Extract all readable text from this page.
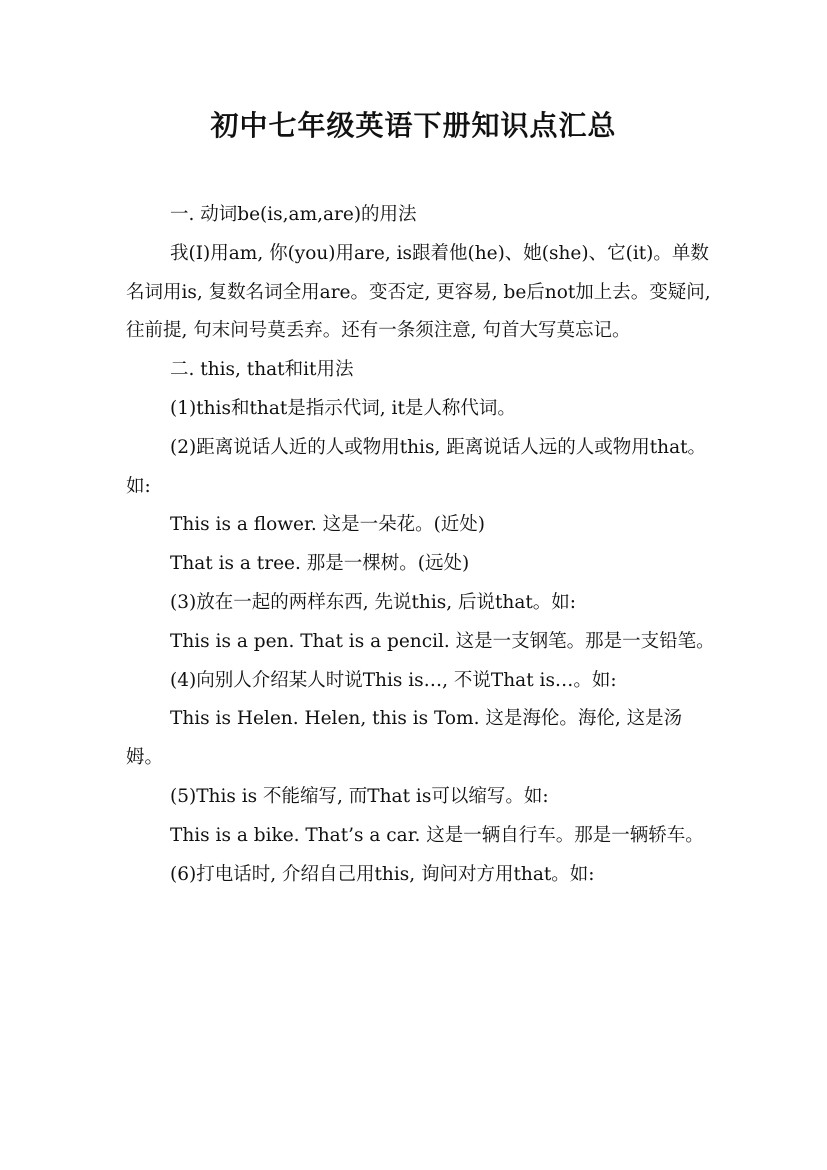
初中七年级英语下册知识点汇总

一. 动词be(is,am,are)的用法

我(I)用am, 你(you)用are, is跟着他(he)、她(she)、它(it)。单数名词用is, 复数名词全用are。变否定, 更容易, be后not加上去。变疑问, 往前提, 句末问号莫丢弃。还有一条须注意, 句首大写莫忘记。

二. this, that和it用法

(1)this和that是指示代词, it是人称代词。

(2)距离说话人近的人或物用this, 距离说话人远的人或物用that。如:

This is a flower. 这是一朵花。(近处)

That is a tree. 那是一棵树。(远处)

(3)放在一起的两样东西, 先说this, 后说that。如:

This is a pen. That is a pencil. 这是一支钢笔。那是一支铅笔。

(4)向别人介绍某人时说This is…, 不说That is…。如:

This is Helen. Helen, this is Tom. 这是海伦。海伦, 这是汤姆。

(5)This is 不能缩写, 而That is可以缩写。如:

This is a bike. That’s a car. 这是一辆自行车。那是一辆轿车。

(6)打电话时, 介绍自己用this, 询问对方用that。如:
